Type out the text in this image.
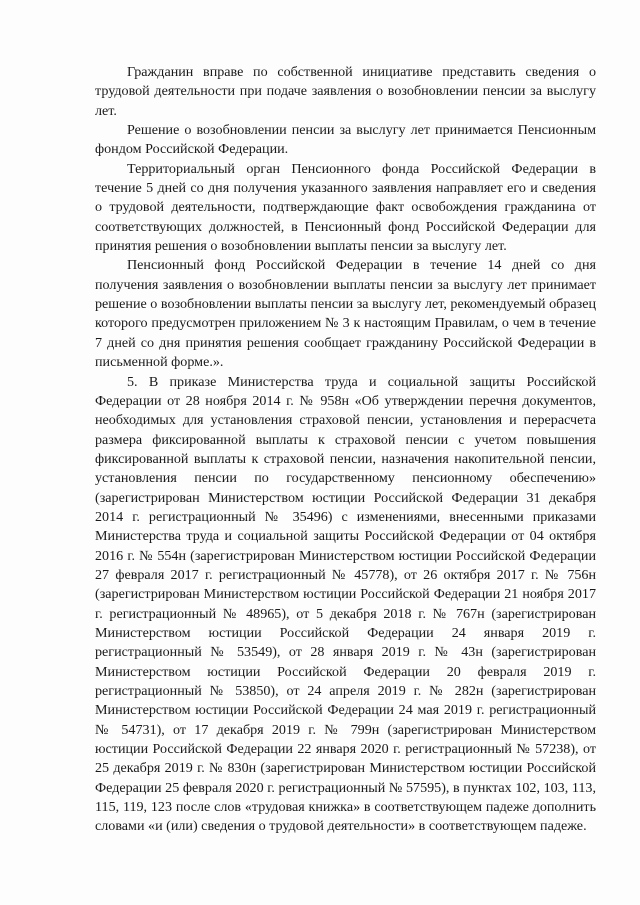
Гражданин вправе по собственной инициативе представить сведения о трудовой деятельности при подаче заявления о возобновлении пенсии за выслугу лет.

Решение о возобновлении пенсии за выслугу лет принимается Пенсионным фондом Российской Федерации.

Территориальный орган Пенсионного фонда Российской Федерации в течение 5 дней со дня получения указанного заявления направляет его и сведения о трудовой деятельности, подтверждающие факт освобождения гражданина от соответствующих должностей, в Пенсионный фонд Российской Федерации для принятия решения о возобновлении выплаты пенсии за выслугу лет.

Пенсионный фонд Российской Федерации в течение 14 дней со дня получения заявления о возобновлении выплаты пенсии за выслугу лет принимает решение о возобновлении выплаты пенсии за выслугу лет, рекомендуемый образец которого предусмотрен приложением № 3 к настоящим Правилам, о чем в течение 7 дней со дня принятия решения сообщает гражданину Российской Федерации в письменной форме.».

5. В приказе Министерства труда и социальной защиты Российской Федерации от 28 ноября 2014 г. № 958н «Об утверждении перечня документов, необходимых для установления страховой пенсии, установления и перерасчета размера фиксированной выплаты к страховой пенсии с учетом повышения фиксированной выплаты к страховой пенсии, назначения накопительной пенсии, установления пенсии по государственному пенсионному обеспечению» (зарегистрирован Министерством юстиции Российской Федерации 31 декабря 2014 г. регистрационный № 35496) с изменениями, внесенными приказами Министерства труда и социальной защиты Российской Федерации от 04 октября 2016 г. № 554н (зарегистрирован Министерством юстиции Российской Федерации 27 февраля 2017 г. регистрационный № 45778), от 26 октября 2017 г. № 756н (зарегистрирован Министерством юстиции Российской Федерации 21 ноября 2017 г. регистрационный № 48965), от 5 декабря 2018 г. № 767н (зарегистрирован Министерством юстиции Российской Федерации 24 января 2019 г. регистрационный № 53549), от 28 января 2019 г. № 43н (зарегистрирован Министерством юстиции Российской Федерации 20 февраля 2019 г. регистрационный № 53850), от 24 апреля 2019 г. № 282н (зарегистрирован Министерством юстиции Российской Федерации 24 мая 2019 г. регистрационный № 54731), от 17 декабря 2019 г. № 799н (зарегистрирован Министерством юстиции Российской Федерации 22 января 2020 г. регистрационный № 57238), от 25 декабря 2019 г. № 830н (зарегистрирован Министерством юстиции Российской Федерации 25 февраля 2020 г. регистрационный № 57595), в пунктах 102, 103, 113, 115, 119, 123 после слов «трудовая книжка» в соответствующем падеже дополнить словами «и (или) сведения о трудовой деятельности» в соответствующем падеже.
